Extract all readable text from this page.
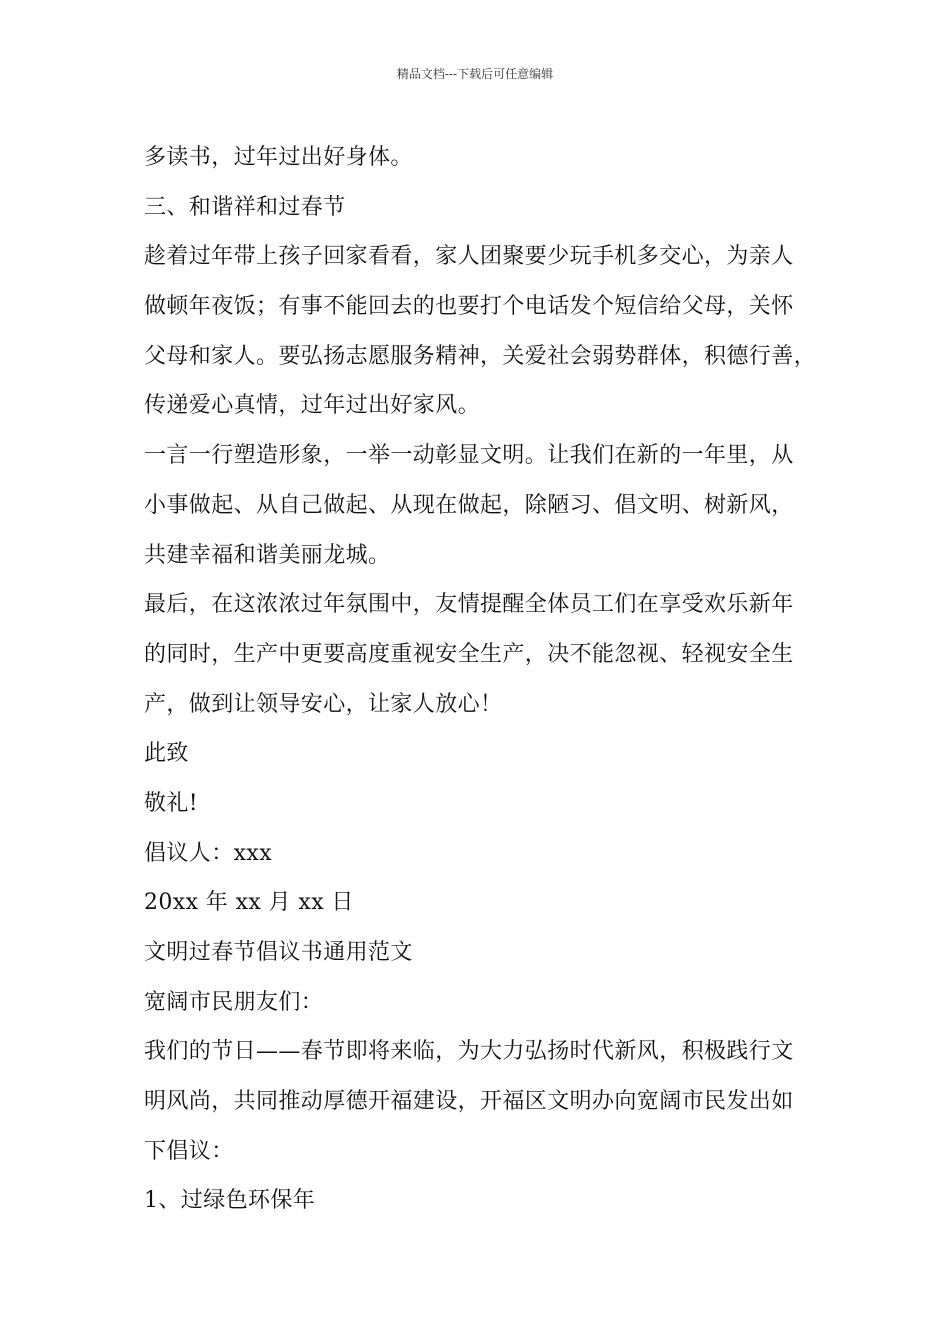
精品文档---下载后可任意编辑
多读书，过年过出好身体。
三、和谐祥和过春节
趁着过年带上孩子回家看看，家人团聚要少玩手机多交心，为亲人
做顿年夜饭；有事不能回去的也要打个电话发个短信给父母，关怀
父母和家人。要弘扬志愿服务精神，关爱社会弱势群体，积德行善，
传递爱心真情，过年过出好家风。
一言一行塑造形象，一举一动彰显文明。让我们在新的一年里，从
小事做起、从自己做起、从现在做起，除陋习、倡文明、树新风，
共建幸福和谐美丽龙城。
最后，在这浓浓过年氛围中，友情提醒全体员工们在享受欢乐新年
的同时，生产中更要高度重视安全生产，决不能忽视、轻视安全生
产，做到让领导安心，让家人放心！
此致
敬礼!
倡议人：xxx
20xx 年 xx 月 xx 日
文明过春节倡议书通用范文
宽阔市民朋友们：
我们的节日——春节即将来临，为大力弘扬时代新风，积极践行文
明风尚，共同推动厚德开福建设，开福区文明办向宽阔市民发出如
下倡议：
1、过绿色环保年
